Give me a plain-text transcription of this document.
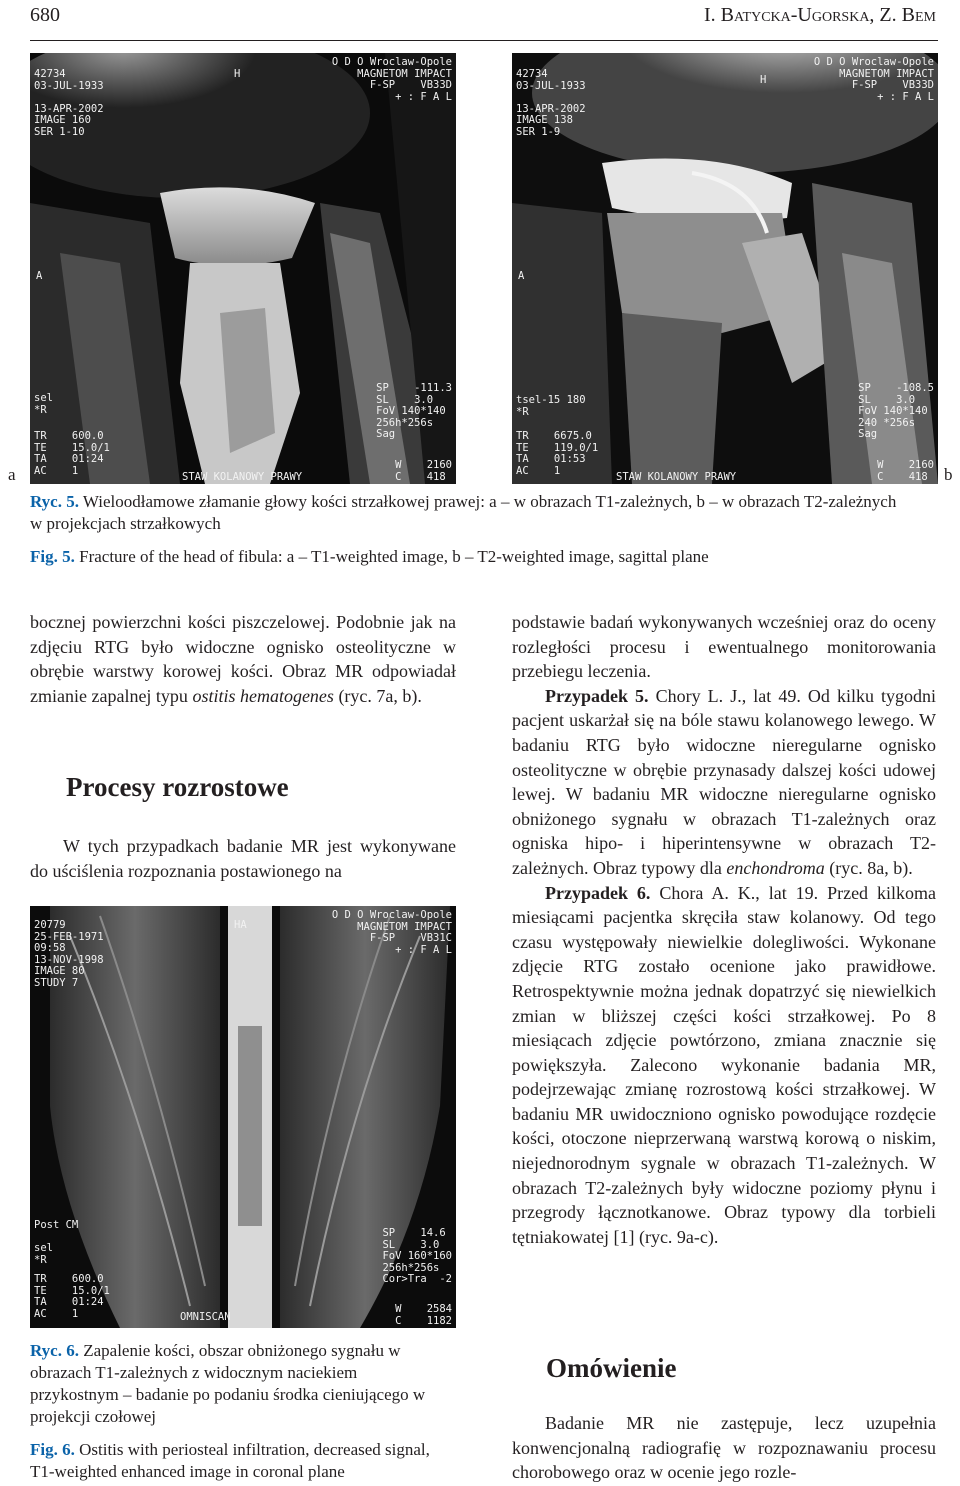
680	I. Batycka-Ugorska, Z. Bem
42734
03-JUL-1933

13-APR-2002
IMAGE 160
SER 1-10
O D O Wroclaw-Opole
MAGNETOM IMPACT
F-SP    VB33D
+ : F A L
H
A
sel
*R
TR    600.0
TE    15.0/1
TA    01:24
AC    1
SP    -111.3
SL    3.0
FoV 140*140
256h*256s
Sag
W    2160
C    418
STAW KOLANOWY PRAWY
a
42734
03-JUL-1933

13-APR-2002
IMAGE 138
SER 1-9
O D O Wroclaw-Opole
MAGNETOM IMPACT
F-SP    VB33D
+ : F A L
H
A
tsel-15 180
*R
TR    6675.0
TE    119.0/1
TA    01:53
AC    1
SP    -108.5
SL    3.0
FoV 140*140
240 *256s
Sag
W    2160
C    418
STAW KOLANOWY PRAWY	b
Ryc. 5. Wieloodłamowe złamanie głowy kości strzałkowej prawej: a – w obrazach T1-zależnych, b – w obrazach T2-zależnych w projekcjach strzałkowych
Fig. 5. Fracture of the head of fibula: a – T1-weighted image, b – T2-weighted image, sagittal plane

bocznej powierzchni kości piszczelowej. Podobnie jak na zdjęciu RTG było widoczne ognisko osteolityczne w obrębie warstwy korowej kości. Obraz MR odpowiadał zmianie zapalnej typu ostitis hematogenes (ryc. 7a, b).

Procesy rozrostowe

W tych przypadkach badanie MR jest wykonywane do uściślenia rozpoznania postawionego na

20779
25-FEB-1971
09:58
13-NOV-1998
IMAGE 80
STUDY 7
O D O Wroclaw-Opole
MAGNETOM IMPACT
F-SP    VB31C
+ : F A L
HA
Post CM

sel
*R
TR    600.0
TE    15.0/1
TA    01:24
AC    1
SP    14.6
SL    3.0
FoV 160*160
256h*256s
Cor>Tra  -2
W    2584
C    1182
OMNISCAN
Ryc. 6. Zapalenie kości, obszar obniżonego sygnału w obrazach T1-zależnych z widocznym naciekiem przykostnym – badanie po podaniu środka cieniującego w projekcji czołowej
Fig. 6. Ostitis with periosteal infiltration, decreased signal, T1-weighted enhanced image in coronal plane

podstawie badań wykonywanych wcześniej oraz do oceny rozległości procesu i ewentualnego monitorowania przebiegu leczenia.

Przypadek 5. Chory L. J., lat 49. Od kilku tygodni pacjent uskarżał się na bóle stawu kolanowego lewego. W badaniu RTG było widoczne nieregularne ognisko osteolityczne w obrębie przynasady dalszej kości udowej lewej. W badaniu MR widoczne nieregularne ognisko obniżonego sygnału w obrazach T1-zależnych oraz ogniska hipo- i hiperintensywne w obrazach T2-zależnych. Obraz typowy dla enchondroma (ryc. 8a, b).

Przypadek 6. Chora A. K., lat 19. Przed kilkoma miesiącami pacjentka skręciła staw kolanowy. Od tego czasu występowały niewielkie dolegliwości. Wykonane zdjęcie RTG zostało ocenione jako prawidłowe. Retrospektywnie można jednak dopatrzyć się niewielkich zmian w bliższej części kości strzałkowej. Po 8 miesiącach zdjęcie powtórzono, zmiana znacznie się powiększyła. Zalecono wykonanie badania MR, podejrzewając zmianę rozrostową kości strzałkowej. W badaniu MR uwidoczniono ognisko powodujące rozdęcie kości, otoczone nieprzerwaną warstwą korową o niskim, niejednorodnym sygnale w obrazach T1-zależnych. W obrazach T2-zależnych były widoczne poziomy płynu i przegrody łącznotkanowe. Obraz typowy dla torbieli tętniakowatej [1] (ryc. 9a-c).

Omówienie

Badanie MR nie zastępuje, lecz uzupełnia konwencjonalną radiografię w rozpoznawaniu procesu chorobowego oraz w ocenie jego rozle-
